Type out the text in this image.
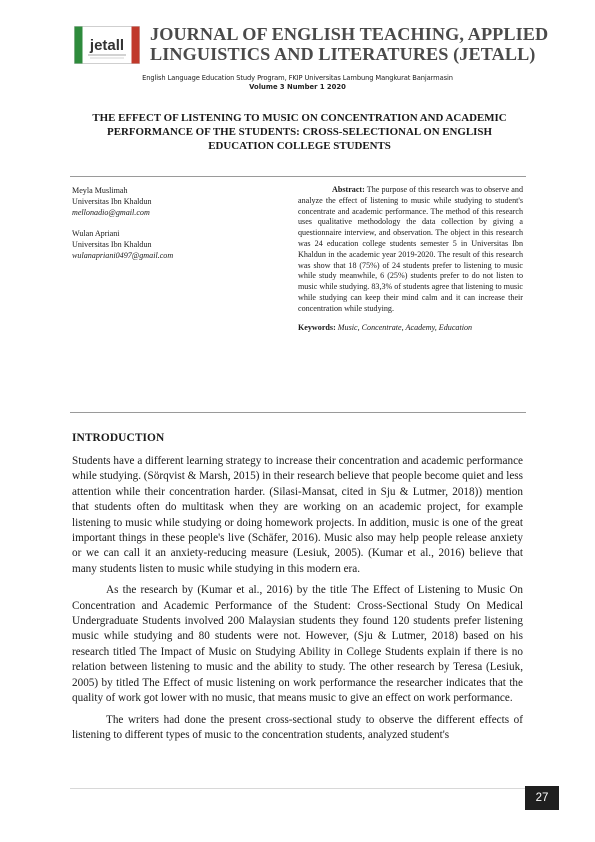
jetall
JOURNAL OF ENGLISH TEACHING, APPLIED LINGUISTICS AND LITERATURES (JETALL)
English Language Education Study Program, FKIP Universitas Lambung Mangkurat Banjarmasin
Volume 3 Number 1 2020
THE EFFECT OF LISTENING TO MUSIC ON CONCENTRATION AND ACADEMIC PERFORMANCE OF THE STUDENTS: CROSS-SELECTIONAL ON ENGLISH EDUCATION COLLEGE STUDENTS
Meyla Muslimah
Universitas Ibn Khaldun
mellonadio@gmail.com
Wulan Apriani
Universitas Ibn Khaldun
wulanapriani0497@gmail.com
Abstract: The purpose of this research was to observe and analyze the effect of listening to music while studying to student's concentrate and academic performance. The method of this research uses qualitative methodology the data collection by giving a questionnaire interview, and observation. The object in this research was 24 education college students semester 5 in Universitas Ibn Khaldun in the academic year 2019-2020. The result of this research was show that 18 (75%) of 24 students prefer to listening to music while study meanwhile, 6 (25%) students prefer to do not listen to music while studying. 83,3% of students agree that listening to music while studying can keep their mind calm and it can increase their concentration while studying.
Keywords: Music, Concentrate, Academy, Education
INTRODUCTION

Students have a different learning strategy to increase their concentration and academic performance while studying. (Sörqvist & Marsh, 2015) in their research believe that people become quiet and less attention while their concentration harder. (Silasi-Mansat, cited in Sju & Lutmer, 2018)) mention that students often do multitask when they are working on an academic project, for example listening to music while studying or doing homework projects. In addition, music is one of the great important things in these people's live (Schäfer, 2016). Music also may help people release anxiety or we can call it an anxiety-reducing measure (Lesiuk, 2005). (Kumar et al., 2016) believe that many students listen to music while studying in this modern era.

As the research by (Kumar et al., 2016) by the title The Effect of Listening to Music On Concentration and Academic Performance of the Student: Cross-Sectional Study On Medical Undergraduate Students involved 200 Malaysian students they found 120 students prefer listening music while studying and 80 students were not. However, (Sju & Lutmer, 2018) based on his research titled The Impact of Music on Studying Ability in College Students explain if there is no relation between listening to music and the ability to study. The other research by Teresa (Lesiuk, 2005) by titled The Effect of music listening on work performance the researcher indicates that the quality of work got lower with no music, that means music to give an effect on work performance.

The writers had done the present cross-sectional study to observe the different effects of listening to different types of music to the concentration students, analyzed student's

27
